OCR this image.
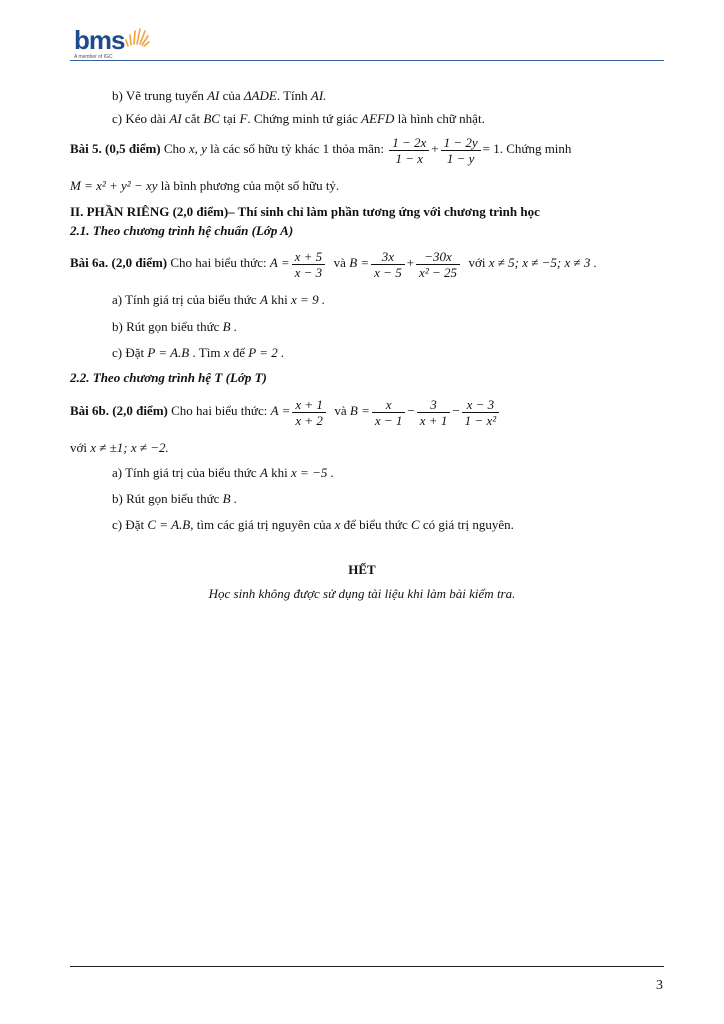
bms
A member of IGC
b) Vẽ trung tuyến AI của ΔADE. Tính AI.
c) Kéo dài AI cắt BC tại F. Chứng minh tứ giác AEFD là hình chữ nhật.
Bài 5. (0,5 điểm) Cho x, y là các số hữu tỷ khác 1 thỏa mãn: $\frac{1 - 2x}{1 - x} + \frac{1 - 2y}{1 - y} = 1$. Chứng minh
M = x² + y² − xy là bình phương của một số hữu tỷ.
II. PHẦN RIÊNG (2,0 điểm)– Thí sinh chỉ làm phần tương ứng với chương trình học
2.1. Theo chương trình hệ chuẩn (Lớp A)
Bài 6a. (2,0 điểm) Cho hai biểu thức: $A = \frac{x + 5}{x - 3}$ và $B = \frac{3x}{x - 5} + \frac{-30x}{\text{x² − 25}}$ với x ≠ 5; x ≠ −5; x ≠ 3 .
a) Tính giá trị của biểu thức A khi x = 9 .
b) Rút gọn biểu thức B .
c) Đặt P = A.B . Tìm x để P = 2 .
2.2. Theo chương trình hệ T (Lớp T)
Bài 6b. (2,0 điểm) Cho hai biểu thức: $A = \frac{x + 1}{x + 2}$ và $B = \frac{x}{x - 1} - \frac{3}{x + 1} - \frac{x - 3}{\text{1 − x²}}$
với x ≠ ±1; x ≠ −2.
a) Tính giá trị của biểu thức A khi x = −5 .
b) Rút gọn biểu thức B .
c) Đặt C = A.B, tìm các giá trị nguyên của x để biểu thức C có giá trị nguyên.
HẾT
Học sinh không được sử dụng tài liệu khi làm bài kiểm tra.
3
